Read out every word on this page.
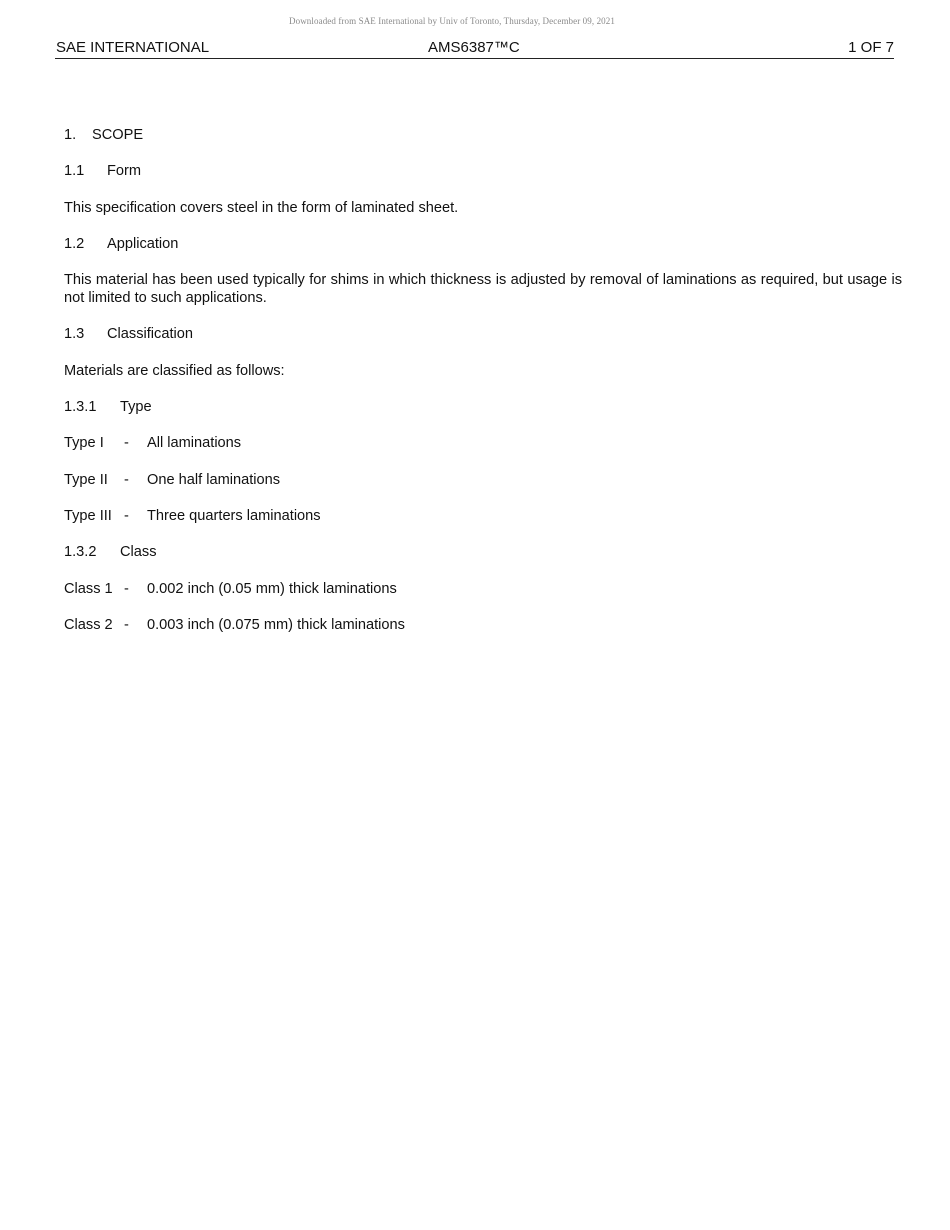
Downloaded from SAE International by Univ of Toronto, Thursday, December 09, 2021
SAE INTERNATIONAL	AMS6387™C	1 OF 7
1. SCOPE
1.1 Form
This specification covers steel in the form of laminated sheet.
1.2 Application
This material has been used typically for shims in which thickness is adjusted by removal of laminations as required, but usage is not limited to such applications.
1.3 Classification
Materials are classified as follows:
1.3.1 Type
Type I - All laminations
Type II - One half laminations
Type III - Three quarters laminations
1.3.2 Class
Class 1 - 0.002 inch (0.05 mm) thick laminations
Class 2 - 0.003 inch (0.075 mm) thick laminations
